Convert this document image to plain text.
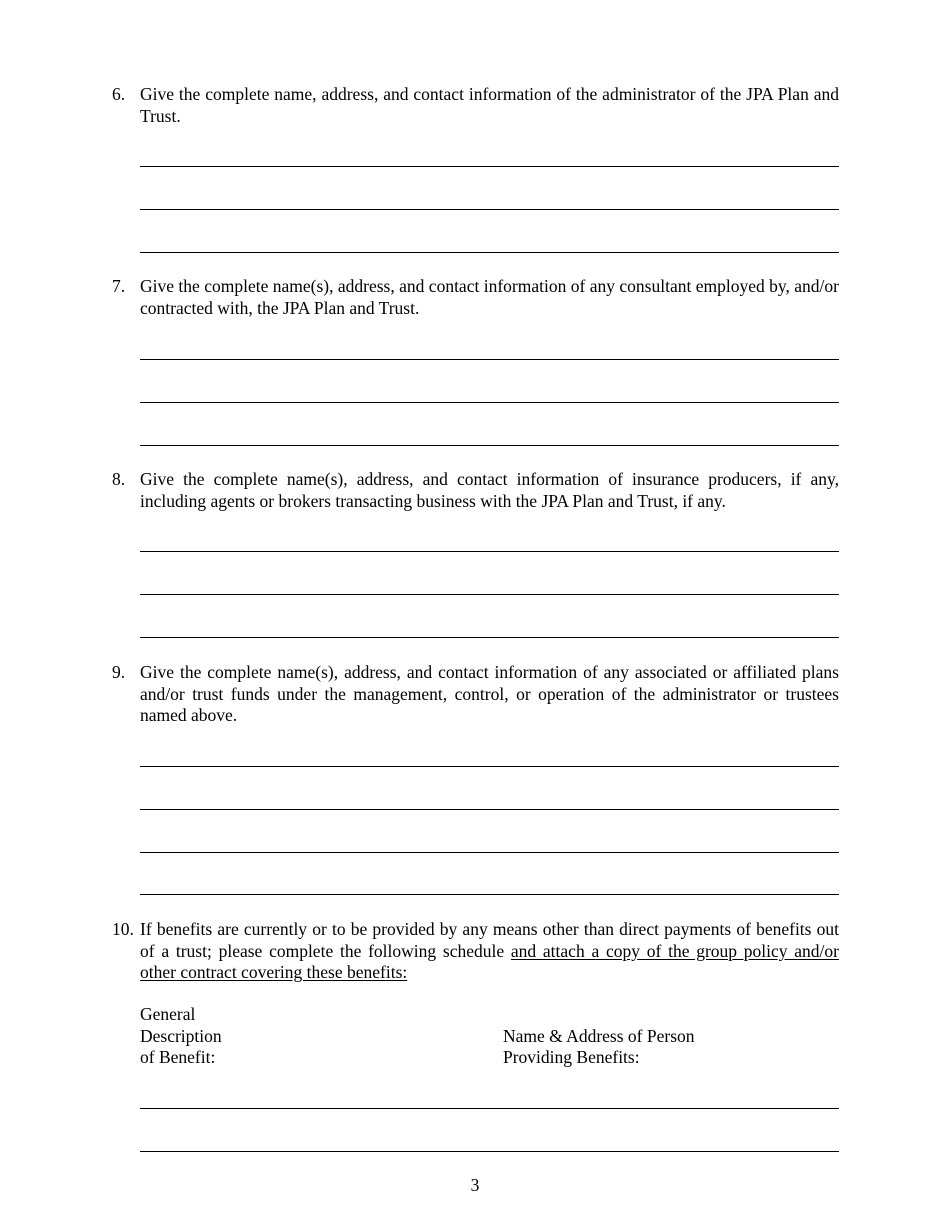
6. Give the complete name, address, and contact information of the administrator of the JPA Plan and Trust.
7. Give the complete name(s), address, and contact information of any consultant employed by, and/or contracted with, the JPA Plan and Trust.
8. Give the complete name(s), address, and contact information of insurance producers, if any, including agents or brokers transacting business with the JPA Plan and Trust, if any.
9. Give the complete name(s), address, and contact information of any associated or affiliated plans and/or trust funds under the management, control, or operation of the administrator or trustees named above.
10. If benefits are currently or to be provided by any means other than direct payments of benefits out of a trust; please complete the following schedule and attach a copy of the group policy and/or other contract covering these benefits:
General
Description
of Benefit:
Name & Address of Person
Providing Benefits:
3
